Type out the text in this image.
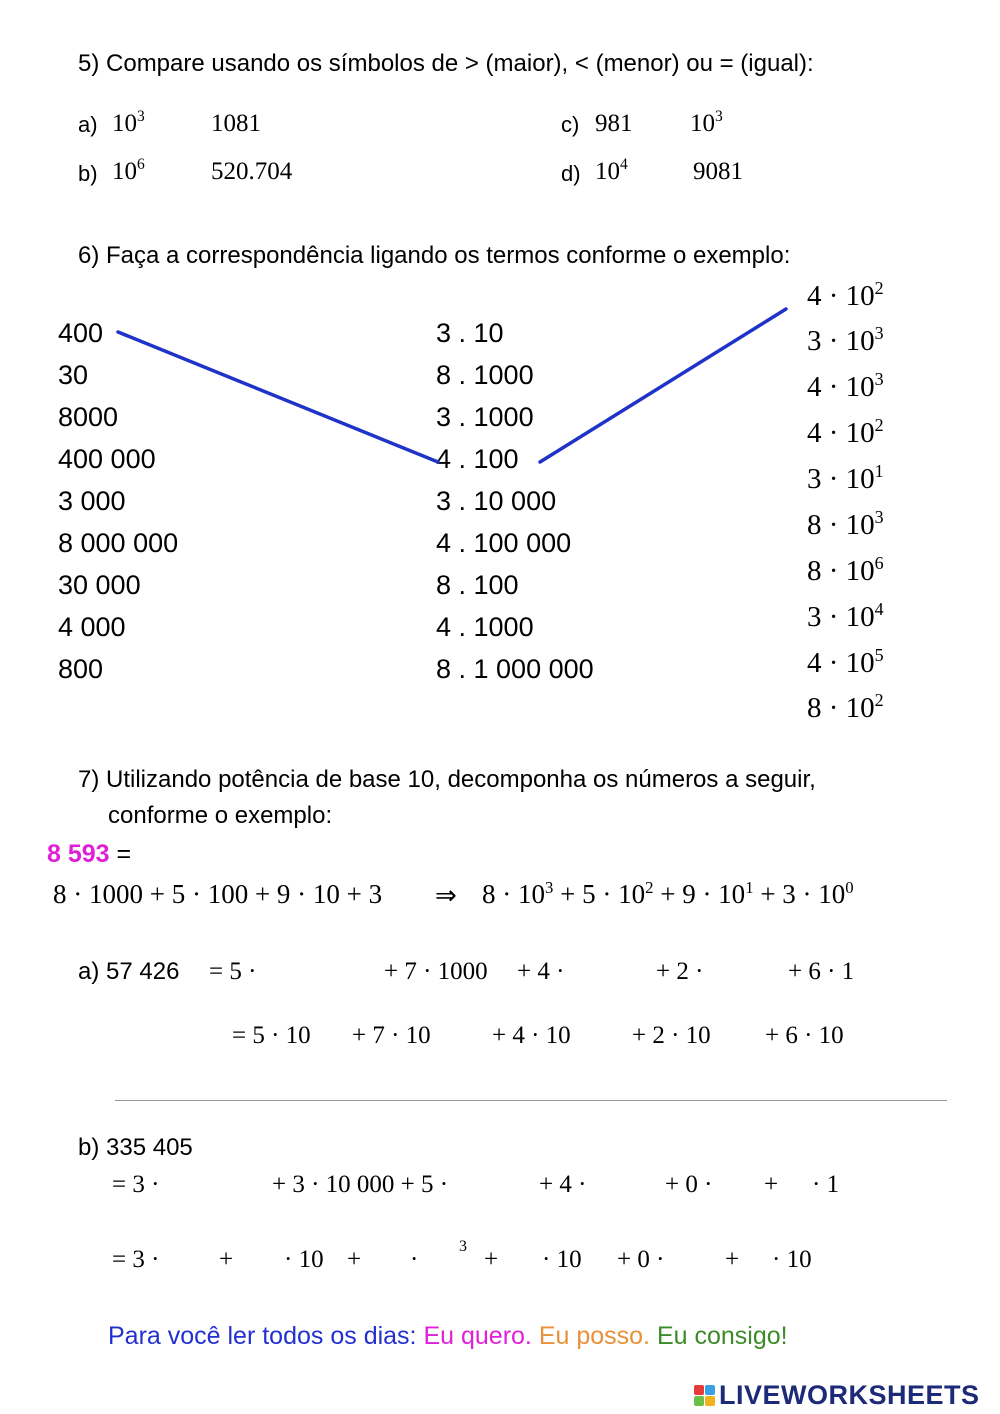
5) Compare usando os símbolos de > (maior), < (menor) ou = (igual):
a) $10^3$	1081
b) $10^6$	520.704
c) 981 $10^3$
d) $10^4$	9081
6) Faça a correspondência ligando os termos conforme o exemplo:
400
30
8000
400 000
3 000
8 000 000
30 000
4 000
800
3 . 10
8 . 1000
3 . 1000
4 . 100
3 . 10 000
4 . 100 000
8 . 100
4 . 1000
8 . 1 000 000
$4 \cdot 10^2$
$3 \cdot 10^3$
$4 \cdot 10^3$
$4 \cdot 10^2$
$3 \cdot 10^1$
$8 \cdot 10^3$
$8 \cdot 10^6$
$3 \cdot 10^4$
$4 \cdot 10^5$
$8 \cdot 10^2$
7) Utilizando potência de base 10, decomponha os números a seguir,
conforme o exemplo:
8 593 =
8 · 1000 + 5 · 100 + 9 · 10 + 3 ⇒ $8 \cdot 10^3 + 5 \cdot 10^2 + 9 \cdot 10^1 + 3 \cdot 10^0$
a) 57 426 = 5 ·	+ 7 · 1000 + 4 ·	+ 2 ·	+ 6 · 1
= 5 · 10 + 7 · 10 + 4 · 10 + 2 · 10 + 6 · 10
b) 335 405
= 3 ·	+ 3 · 10 000 + 5 ·	+ 4 ·	+ 0 · + · 1
= 3 · + · 10 + ·	3 + · 10 + 0 · + · 10
Para você ler todos os dias: Eu quero. Eu posso. Eu consigo!
LIVEWORKSHEETS
